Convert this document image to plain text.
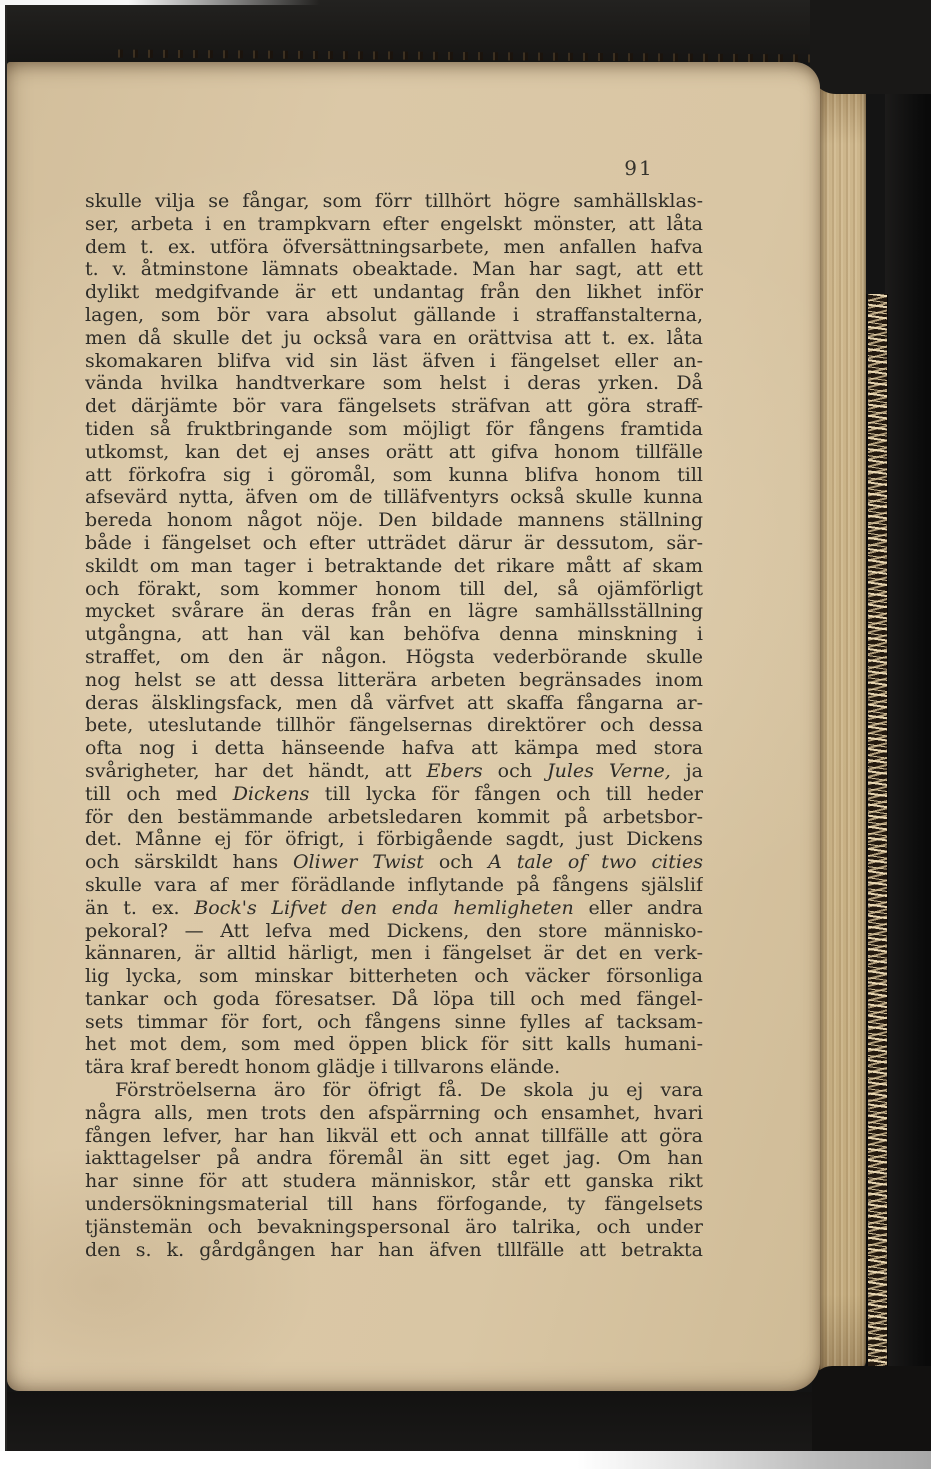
91
skulle vilja se fångar, som förr tillhört högre samhällsklas-
ser, arbeta i en trampkvarn efter engelskt mönster, att låta
dem t. ex. utföra öfversättningsarbete, men anfallen hafva
t. v. åtminstone lämnats obeaktade. Man har sagt, att ett
dylikt medgifvande är ett undantag från den likhet inför
lagen, som bör vara absolut gällande i straffanstalterna,
men då skulle det ju också vara en orättvisa att t. ex. låta
skomakaren blifva vid sin läst äfven i fängelset eller an-
vända hvilka handtverkare som helst i deras yrken. Då
det därjämte bör vara fängelsets sträfvan att göra straff-
tiden så fruktbringande som möjligt för fångens framtida
utkomst, kan det ej anses orätt att gifva honom tillfälle
att förkofra sig i göromål, som kunna blifva honom till
afsevärd nytta, äfven om de tilläfventyrs också skulle kunna
bereda honom något nöje. Den bildade mannens ställning
både i fängelset och efter utträdet därur är dessutom, sär-
skildt om man tager i betraktande det rikare mått af skam
och förakt, som kommer honom till del, så ojämförligt
mycket svårare än deras från en lägre samhällsställning
utgångna, att han väl kan behöfva denna minskning i
straffet, om den är någon. Högsta vederbörande skulle
nog helst se att dessa litterära arbeten begränsades inom
deras älsklingsfack, men då värfvet att skaffa fångarna ar-
bete, uteslutande tillhör fängelsernas direktörer och dessa
ofta nog i detta hänseende hafva att kämpa med stora
svårigheter, har det händt, att Ebers och Jules Verne, ja
till och med Dickens till lycka för fången och till heder
för den bestämmande arbetsledaren kommit på arbetsbor-
det. Månne ej för öfrigt, i förbigående sagdt, just Dickens
och särskildt hans Oliwer Twist och A tale of two cities
skulle vara af mer förädlande inflytande på fångens själslif
än t. ex. Bock's Lifvet den enda hemligheten eller andra
pekoral? — Att lefva med Dickens, den store människo-
kännaren, är alltid härligt, men i fängelset är det en verk-
lig lycka, som minskar bitterheten och väcker försonliga
tankar och goda föresatser. Då löpa till och med fängel-
sets timmar för fort, och fångens sinne fylles af tacksam-
het mot dem, som med öppen blick för sitt kalls humani-
tära kraf beredt honom glädje i tillvarons elände.
Förströelserna äro för öfrigt få. De skola ju ej vara
några alls, men trots den afspärrning och ensamhet, hvari
fången lefver, har han likväl ett och annat tillfälle att göra
iakttagelser på andra föremål än sitt eget jag. Om han
har sinne för att studera människor, står ett ganska rikt
undersökningsmaterial till hans förfogande, ty fängelsets
tjänstemän och bevakningspersonal äro talrika, och under
den s. k. gårdgången har han äfven tlllfälle att betrakta
